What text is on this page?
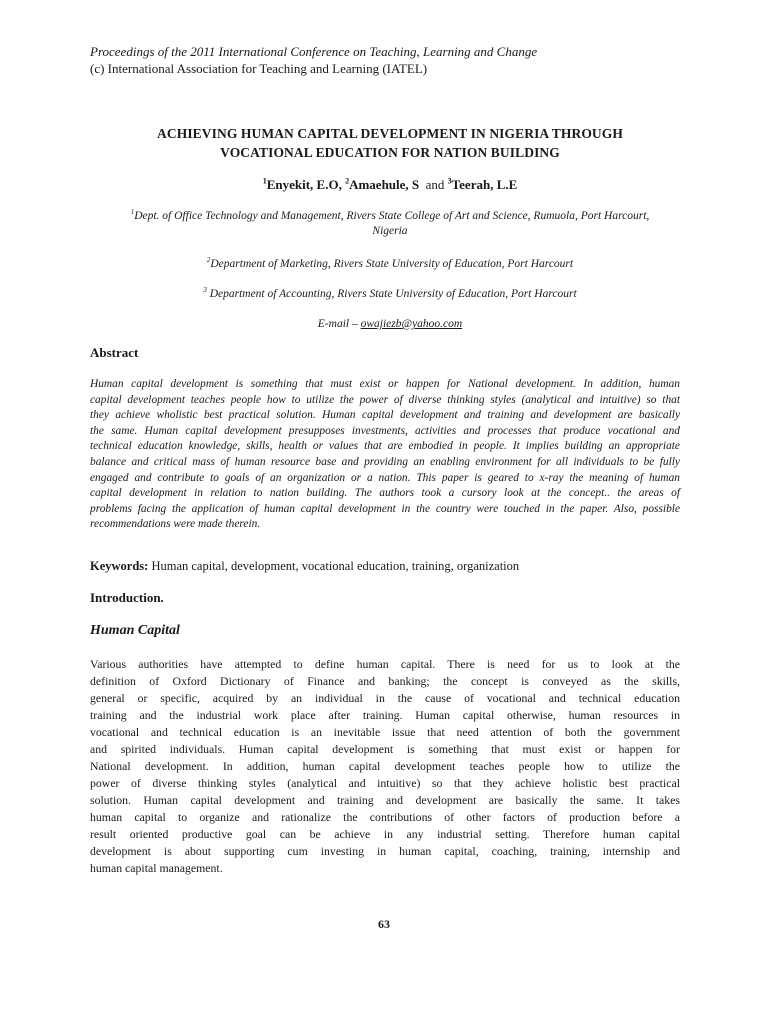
Proceedings of the 2011 International Conference on Teaching, Learning and Change
(c) International Association for Teaching and Learning (IATEL)
ACHIEVING HUMAN CAPITAL DEVELOPMENT IN NIGERIA THROUGH
VOCATIONAL EDUCATION FOR NATION BUILDING
$^1$Enyekit, E.O, $^2$Amaehule, S and $^3$Teerah, L.E
$^1$Dept. of Office Technology and Management, Rivers State College of Art and Science, Rumuola, Port Harcourt,
Nigeria
$^2$Department of Marketing, Rivers State University of Education, Port Harcourt
$^3$ Department of Accounting, Rivers State University of Education, Port Harcourt
E-mail – owajiezb@yahoo.com
Abstract
Human capital development is something that must exist or happen for National development. In addition, human
capital development teaches people how to utilize the power of diverse thinking styles (analytical and intuitive) so that
they achieve wholistic best practical solution. Human capital development and training and development are basically
the same. Human capital development presupposes investments, activities and processes that produce vocational and
technical education knowledge, skills, health or values that are embodied in people. It implies building an appropriate
balance and critical mass of human resource base and providing an enabling environment for all individuals to be fully
engaged and contribute to goals of an organization or a nation. This paper is geared to x-ray the meaning of human
capital development in relation to nation building. The authors took a cursory look at the concept.. the areas of
problems facing the application of human capital development in the country were touched in the paper. Also, possible
recommendations were made therein.
Keywords: Human capital, development, vocational education, training, organization
Introduction.
Human Capital
Various authorities have attempted to define human capital. There is need for us to look at the
definition of Oxford Dictionary of Finance and banking; the concept is conveyed as the skills,
general or specific, acquired by an individual in the cause of vocational and technical education
training and the industrial work place after training. Human capital otherwise, human resources in
vocational and technical education is an inevitable issue that need attention of both the government
and spirited individuals. Human capital development is something that must exist or happen for
National development. In addition, human capital development teaches people how to utilize the
power of diverse thinking styles (analytical and intuitive) so that they achieve holistic best practical
solution. Human capital development and training and development are basically the same. It takes
human capital to organize and rationalize the contributions of other factors of production before a
result oriented productive goal can be achieve in any industrial setting. Therefore human capital
development is about supporting cum investing in human capital, coaching, training, internship and
human capital management.
63
